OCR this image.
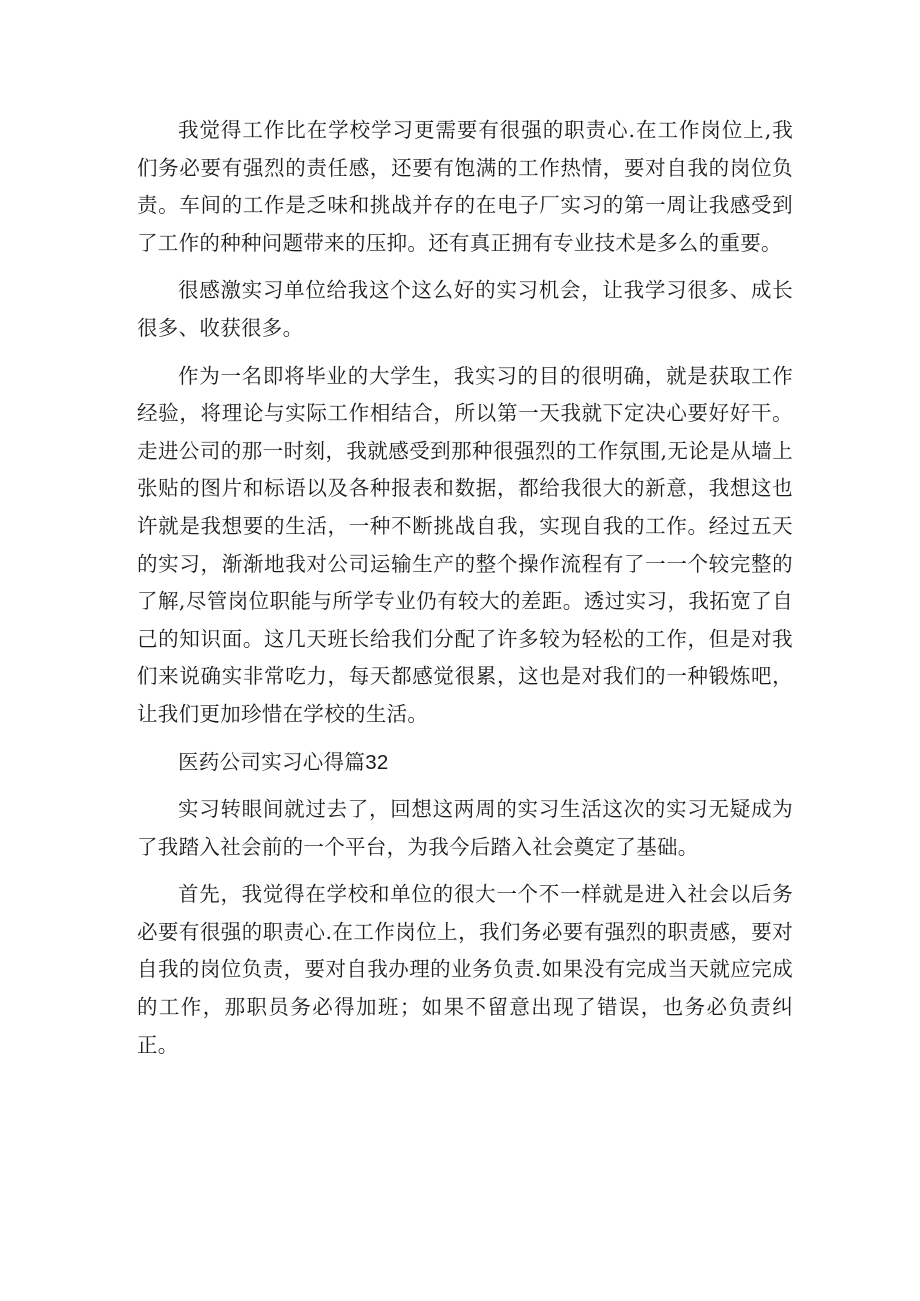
我觉得工作比在学校学习更需要有很强的职责心.在工作岗位上,我们务必要有强烈的责任感，还要有饱满的工作热情，要对自我的岗位负责。车间的工作是乏味和挑战并存的在电子厂实习的第一周让我感受到了工作的种种问题带来的压抑。还有真正拥有专业技术是多么的重要。

很感激实习单位给我这个这么好的实习机会，让我学习很多、成长很多、收获很多。

作为一名即将毕业的大学生，我实习的目的很明确，就是获取工作经验，将理论与实际工作相结合，所以第一天我就下定决心要好好干。走进公司的那一时刻，我就感受到那种很强烈的工作氛围,无论是从墙上张贴的图片和标语以及各种报表和数据，都给我很大的新意，我想这也许就是我想要的生活，一种不断挑战自我，实现自我的工作。经过五天的实习，渐渐地我对公司运输生产的整个操作流程有了一一个较完整的了解,尽管岗位职能与所学专业仍有较大的差距。透过实习，我拓宽了自己的知识面。这几天班长给我们分配了许多较为轻松的工作，但是对我们来说确实非常吃力，每天都感觉很累，这也是对我们的一种锻炼吧，让我们更加珍惜在学校的生活。

医药公司实习心得篇32

实习转眼间就过去了，回想这两周的实习生活这次的实习无疑成为了我踏入社会前的一个平台，为我今后踏入社会奠定了基础。

首先，我觉得在学校和单位的很大一个不一样就是进入社会以后务必要有很强的职责心.在工作岗位上，我们务必要有强烈的职责感，要对自我的岗位负责，要对自我办理的业务负责.如果没有完成当天就应完成的工作，那职员务必得加班；如果不留意出现了错误，也务必负责纠正。
